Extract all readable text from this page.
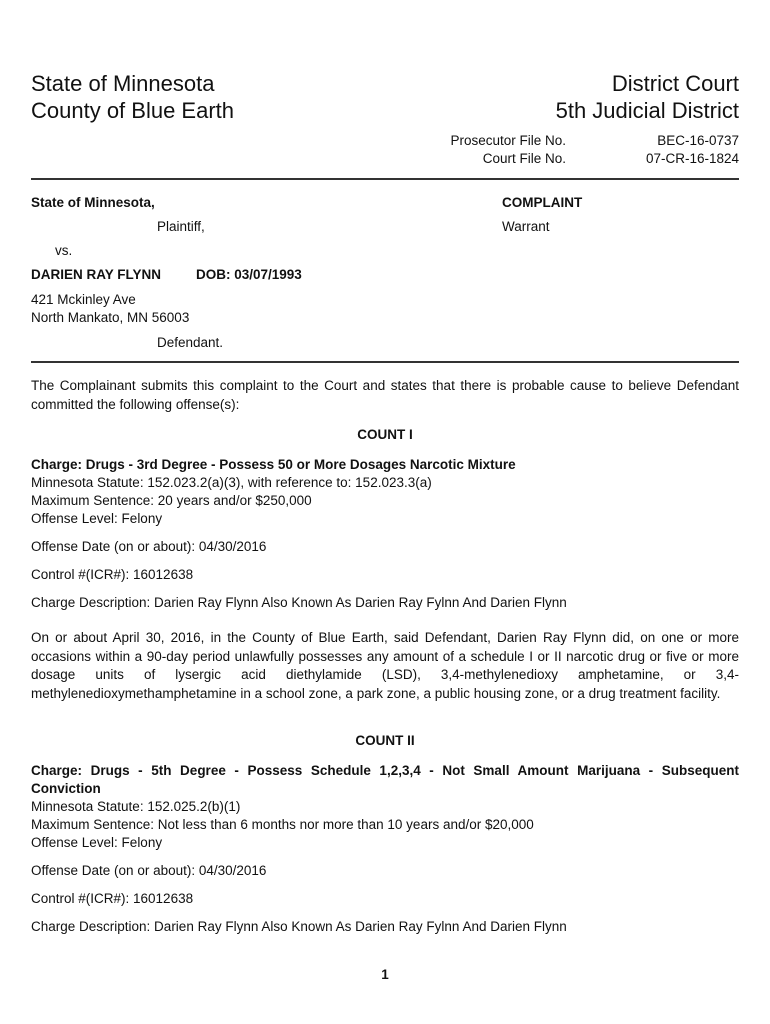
State of Minnesota
County of Blue Earth
District Court
5th Judicial District
Prosecutor File No.	BEC-16-0737
Court File No.	07-CR-16-1824
State of Minnesota,
Plaintiff,
vs.
DARIEN RAY FLYNN	DOB: 03/07/1993
421 Mckinley Ave
North Mankato, MN 56003
Defendant.
COMPLAINT
Warrant
The Complainant submits this complaint to the Court and states that there is probable cause to believe Defendant committed the following offense(s):
COUNT I
Charge: Drugs - 3rd Degree - Possess 50 or More Dosages Narcotic Mixture
Minnesota Statute: 152.023.2(a)(3), with reference to: 152.023.3(a)
Maximum Sentence: 20 years and/or $250,000
Offense Level: Felony
Offense Date (on or about): 04/30/2016
Control #(ICR#): 16012638
Charge Description: Darien Ray Flynn Also Known As Darien Ray Fylnn And Darien Flynn
On or about April 30, 2016, in the County of Blue Earth, said Defendant, Darien Ray Flynn did, on one or more occasions within a 90-day period unlawfully possesses any amount of a schedule I or II narcotic drug or five or more dosage units of lysergic acid diethylamide (LSD), 3,4-methylenedioxy amphetamine, or 3,4-methylenedioxymethamphetamine in a school zone, a park zone, a public housing zone, or a drug treatment facility.
COUNT II
Charge: Drugs - 5th Degree - Possess Schedule 1,2,3,4 - Not Small Amount Marijuana - Subsequent Conviction
Minnesota Statute: 152.025.2(b)(1)
Maximum Sentence: Not less than 6 months nor more than 10 years and/or $20,000
Offense Level: Felony
Offense Date (on or about): 04/30/2016
Control #(ICR#): 16012638
Charge Description: Darien Ray Flynn Also Known As Darien Ray Fylnn And Darien Flynn
1
